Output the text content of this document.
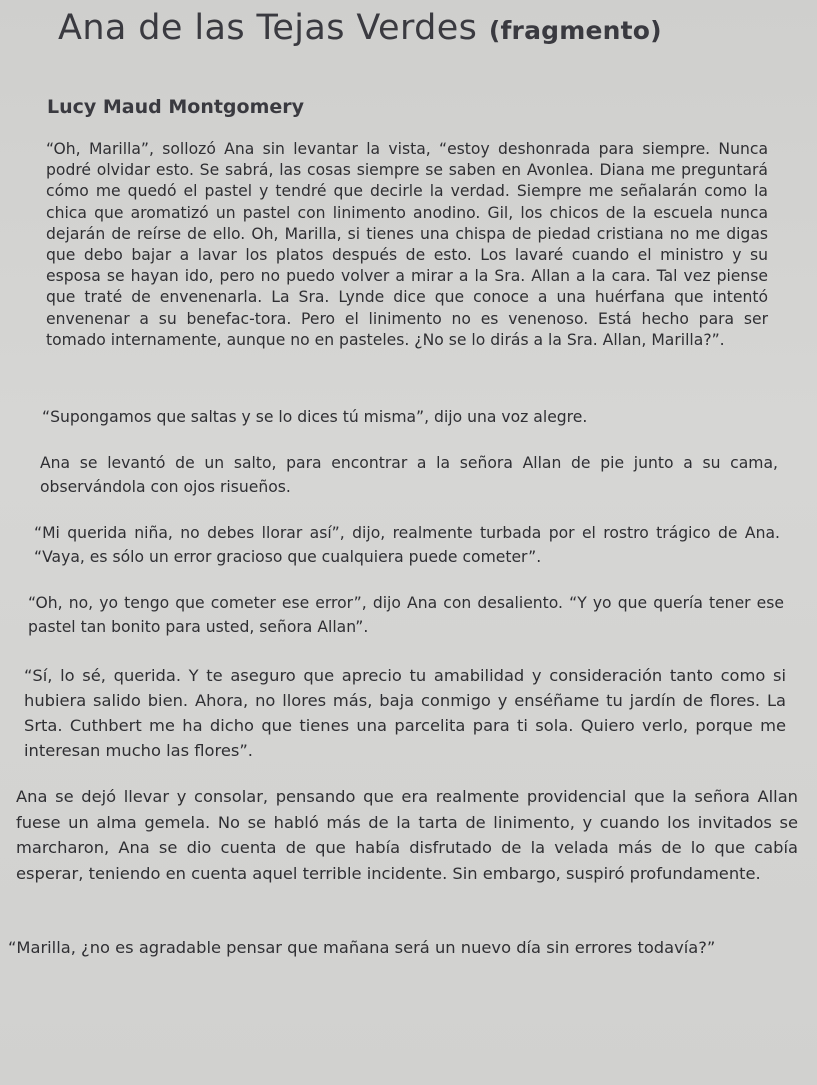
Ana de las Tejas Verdes (fragmento)
Lucy Maud Montgomery

“Oh, Marilla”, sollozó Ana sin levantar la vista, “estoy deshonrada para siempre. Nunca podré olvidar esto. Se sabrá, las cosas siempre se saben en Avonlea. Diana me preguntará cómo me quedó el pastel y tendré que decirle la verdad. Siempre me señalarán como la chica que aromatizó un pastel con linimento anodino. Gil, los chicos de la escuela nunca dejarán de reírse de ello. Oh, Marilla, si tienes una chispa de piedad cristiana no me digas que debo bajar a lavar los platos después de esto. Los lavaré cuando el ministro y su esposa se hayan ido, pero no puedo volver a mirar a la Sra. Allan a la cara. Tal vez piense que traté de envenenarla. La Sra. Lynde dice que conoce a una huérfana que intentó envenenar a su benefac-tora. Pero el linimento no es venenoso. Está hecho para ser tomado internamente, aunque no en pasteles. ¿No se lo dirás a la Sra. Allan, Marilla?”.

“Supongamos que saltas y se lo dices tú misma”, dijo una voz alegre.

Ana se levantó de un salto, para encontrar a la señora Allan de pie junto a su cama, observándola con ojos risueños.

“Mi querida niña, no debes llorar así”, dijo, realmente turbada por el rostro trágico de Ana. “Vaya, es sólo un error gracioso que cualquiera puede cometer”.

“Oh, no, yo tengo que cometer ese error”, dijo Ana con desaliento. “Y yo que quería tener ese pastel tan bonito para usted, señora Allan”.

“Sí, lo sé, querida. Y te aseguro que aprecio tu amabilidad y consideración tanto como si hubiera salido bien. Ahora, no llores más, baja conmigo y enséñame tu jardín de flores. La Srta. Cuthbert me ha dicho que tienes una parcelita para ti sola. Quiero verlo, porque me interesan mucho las flores”.

Ana se dejó llevar y consolar, pensando que era realmente providencial que la señora Allan fuese un alma gemela. No se habló más de la tarta de linimento, y cuando los invitados se marcharon, Ana se dio cuenta de que había disfrutado de la velada más de lo que cabía esperar, teniendo en cuenta aquel terrible incidente. Sin embargo, suspiró profundamente.

“Marilla, ¿no es agradable pensar que mañana será un nuevo día sin errores todavía?”
